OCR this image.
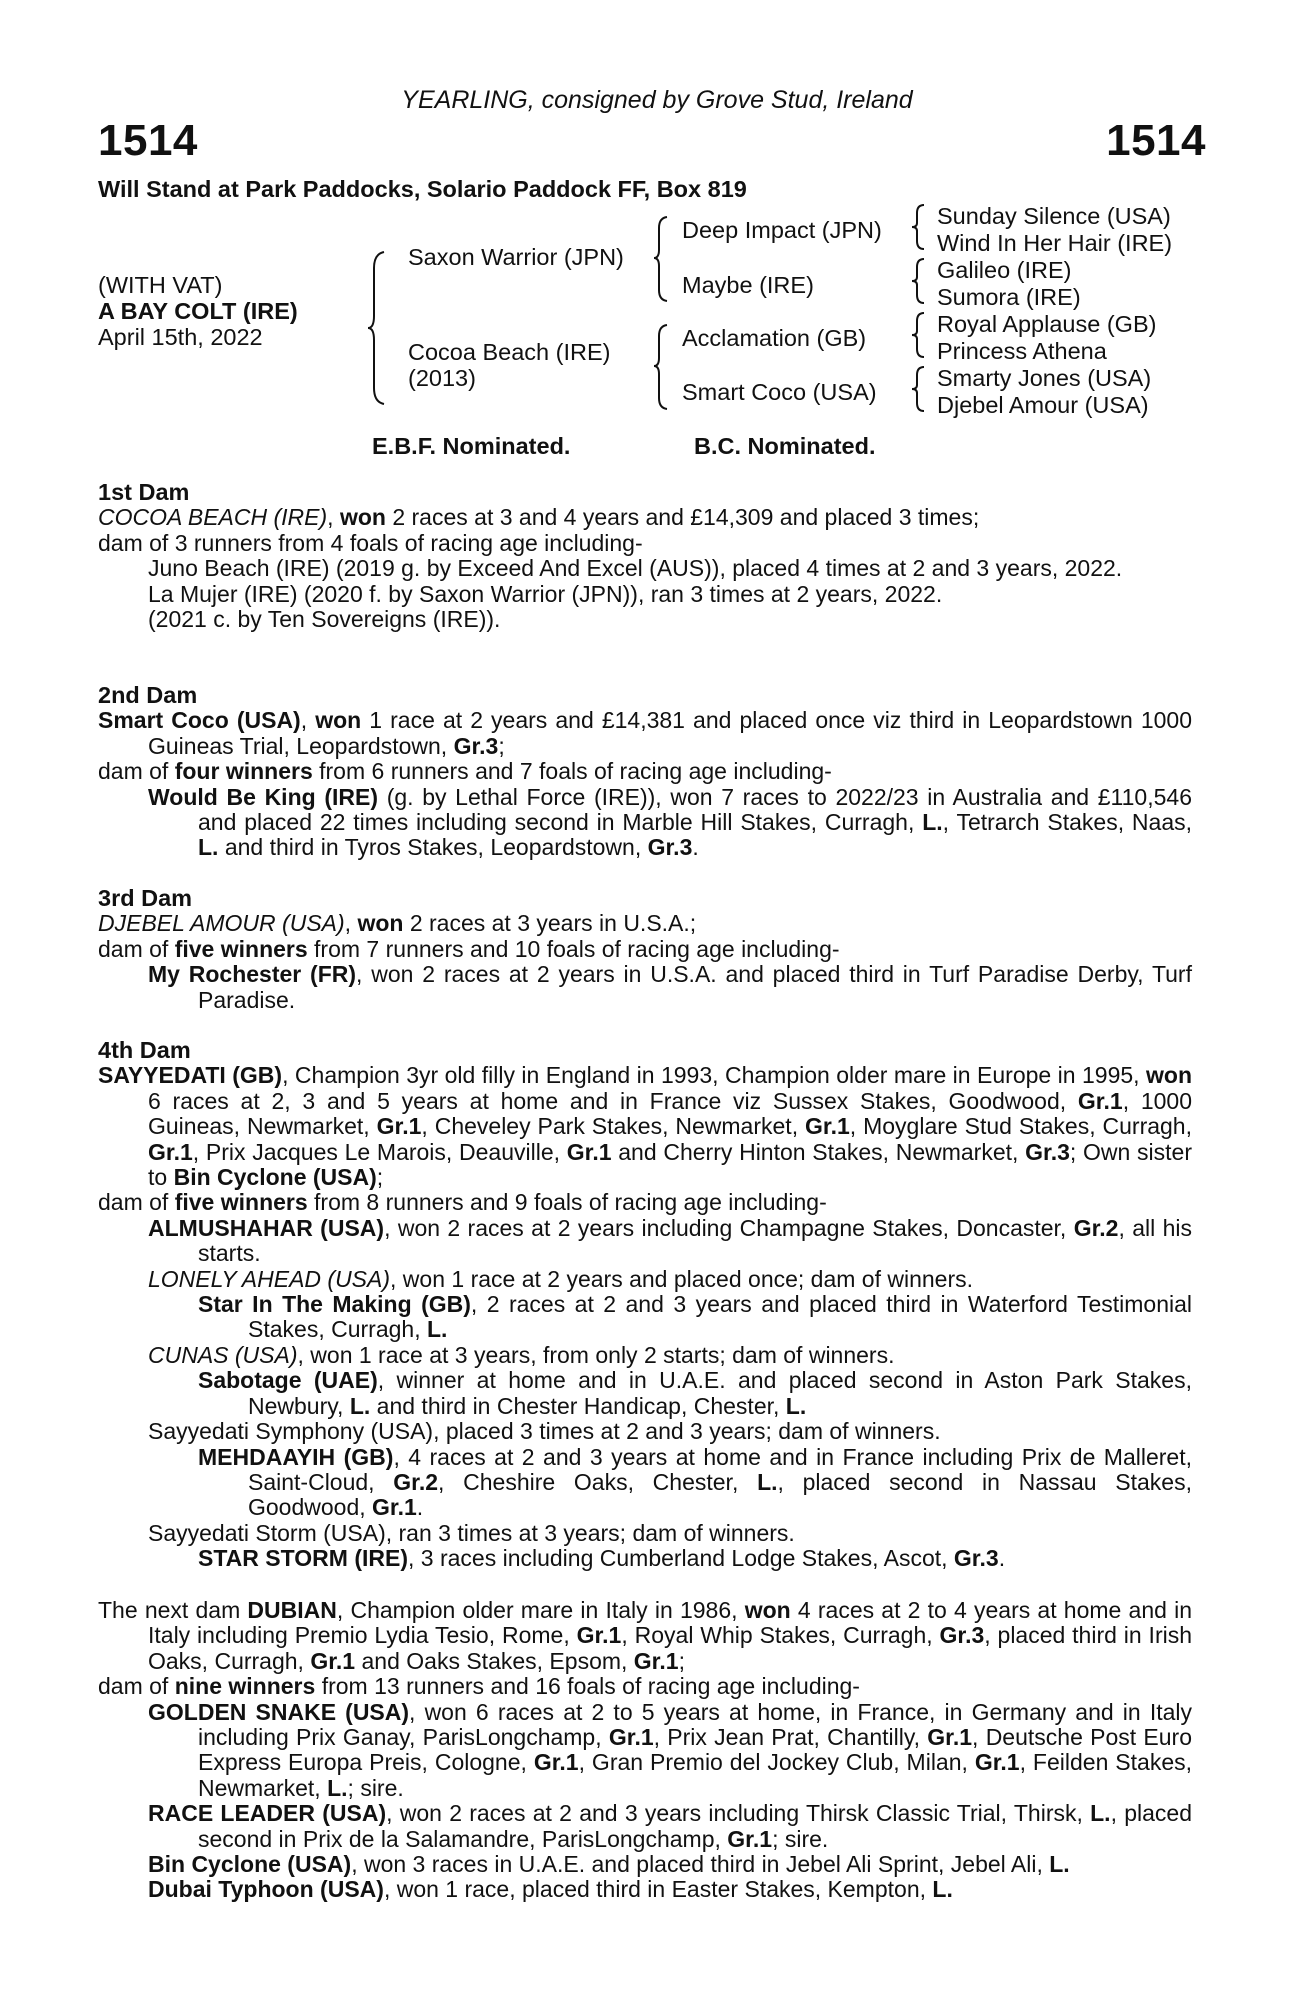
YEARLING, consigned by Grove Stud, Ireland
1514	1514
Will Stand at Park Paddocks, Solario Paddock FF, Box 819
(WITH VAT)
A BAY COLT (IRE)
April 15th, 2022
Saxon Warrior (JPN)
Cocoa Beach (IRE)
(2013)
Deep Impact (JPN)
Maybe (IRE)
Acclamation (GB)
Smart Coco (USA)
Sunday Silence (USA)
Wind In Her Hair (IRE)
Galileo (IRE)
Sumora (IRE)
Royal Applause (GB)
Princess Athena
Smarty Jones (USA)
Djebel Amour (USA)
E.B.F. Nominated.	B.C. Nominated.

1st Dam

COCOA BEACH (IRE), won 2 races at 3 and 4 years and £14,309 and placed 3 times;

dam of 3 runners from 4 foals of racing age including-

Juno Beach (IRE) (2019 g. by Exceed And Excel (AUS)), placed 4 times at 2 and 3 years, 2022.

La Mujer (IRE) (2020 f. by Saxon Warrior (JPN)), ran 3 times at 2 years, 2022.

(2021 c. by Ten Sovereigns (IRE)).

2nd Dam

Smart Coco (USA), won 1 race at 2 years and £14,381 and placed once viz third in Leopardstown 1000 Guineas Trial, Leopardstown, Gr.3;

dam of four winners from 6 runners and 7 foals of racing age including-

Would Be King (IRE) (g. by Lethal Force (IRE)), won 7 races to 2022/23 in Australia and £110,546 and placed 22 times including second in Marble Hill Stakes, Curragh, L., Tetrarch Stakes, Naas, L. and third in Tyros Stakes, Leopardstown, Gr.3.

3rd Dam

DJEBEL AMOUR (USA), won 2 races at 3 years in U.S.A.;

dam of five winners from 7 runners and 10 foals of racing age including-

My Rochester (FR), won 2 races at 2 years in U.S.A. and placed third in Turf Paradise Derby, Turf Paradise.

4th Dam

SAYYEDATI (GB), Champion 3yr old filly in England in 1993, Champion older mare in Europe in 1995, won 6 races at 2, 3 and 5 years at home and in France viz Sussex Stakes, Goodwood, Gr.1, 1000 Guineas, Newmarket, Gr.1, Cheveley Park Stakes, Newmarket, Gr.1, Moyglare Stud Stakes, Curragh, Gr.1, Prix Jacques Le Marois, Deauville, Gr.1 and Cherry Hinton Stakes, Newmarket, Gr.3; Own sister to Bin Cyclone (USA);

dam of five winners from 8 runners and 9 foals of racing age including-

ALMUSHAHAR (USA), won 2 races at 2 years including Champagne Stakes, Doncaster, Gr.2, all his starts.

LONELY AHEAD (USA), won 1 race at 2 years and placed once; dam of winners.

Star In The Making (GB), 2 races at 2 and 3 years and placed third in Waterford Testimonial Stakes, Curragh, L.

CUNAS (USA), won 1 race at 3 years, from only 2 starts; dam of winners.

Sabotage (UAE), winner at home and in U.A.E. and placed second in Aston Park Stakes, Newbury, L. and third in Chester Handicap, Chester, L.

Sayyedati Symphony (USA), placed 3 times at 2 and 3 years; dam of winners.

MEHDAAYIH (GB), 4 races at 2 and 3 years at home and in France including Prix de Malleret, Saint-Cloud, Gr.2, Cheshire Oaks, Chester, L., placed second in Nassau Stakes, Goodwood, Gr.1.

Sayyedati Storm (USA), ran 3 times at 3 years; dam of winners.

STAR STORM (IRE), 3 races including Cumberland Lodge Stakes, Ascot, Gr.3.

The next dam DUBIAN, Champion older mare in Italy in 1986, won 4 races at 2 to 4 years at home and in Italy including Premio Lydia Tesio, Rome, Gr.1, Royal Whip Stakes, Curragh, Gr.3, placed third in Irish Oaks, Curragh, Gr.1 and Oaks Stakes, Epsom, Gr.1;

dam of nine winners from 13 runners and 16 foals of racing age including-

GOLDEN SNAKE (USA), won 6 races at 2 to 5 years at home, in France, in Germany and in Italy including Prix Ganay, ParisLongchamp, Gr.1, Prix Jean Prat, Chantilly, Gr.1, Deutsche Post Euro Express Europa Preis, Cologne, Gr.1, Gran Premio del Jockey Club, Milan, Gr.1, Feilden Stakes, Newmarket, L.; sire.

RACE LEADER (USA), won 2 races at 2 and 3 years including Thirsk Classic Trial, Thirsk, L., placed second in Prix de la Salamandre, ParisLongchamp, Gr.1; sire.

Bin Cyclone (USA), won 3 races in U.A.E. and placed third in Jebel Ali Sprint, Jebel Ali, L.

Dubai Typhoon (USA), won 1 race, placed third in Easter Stakes, Kempton, L.
